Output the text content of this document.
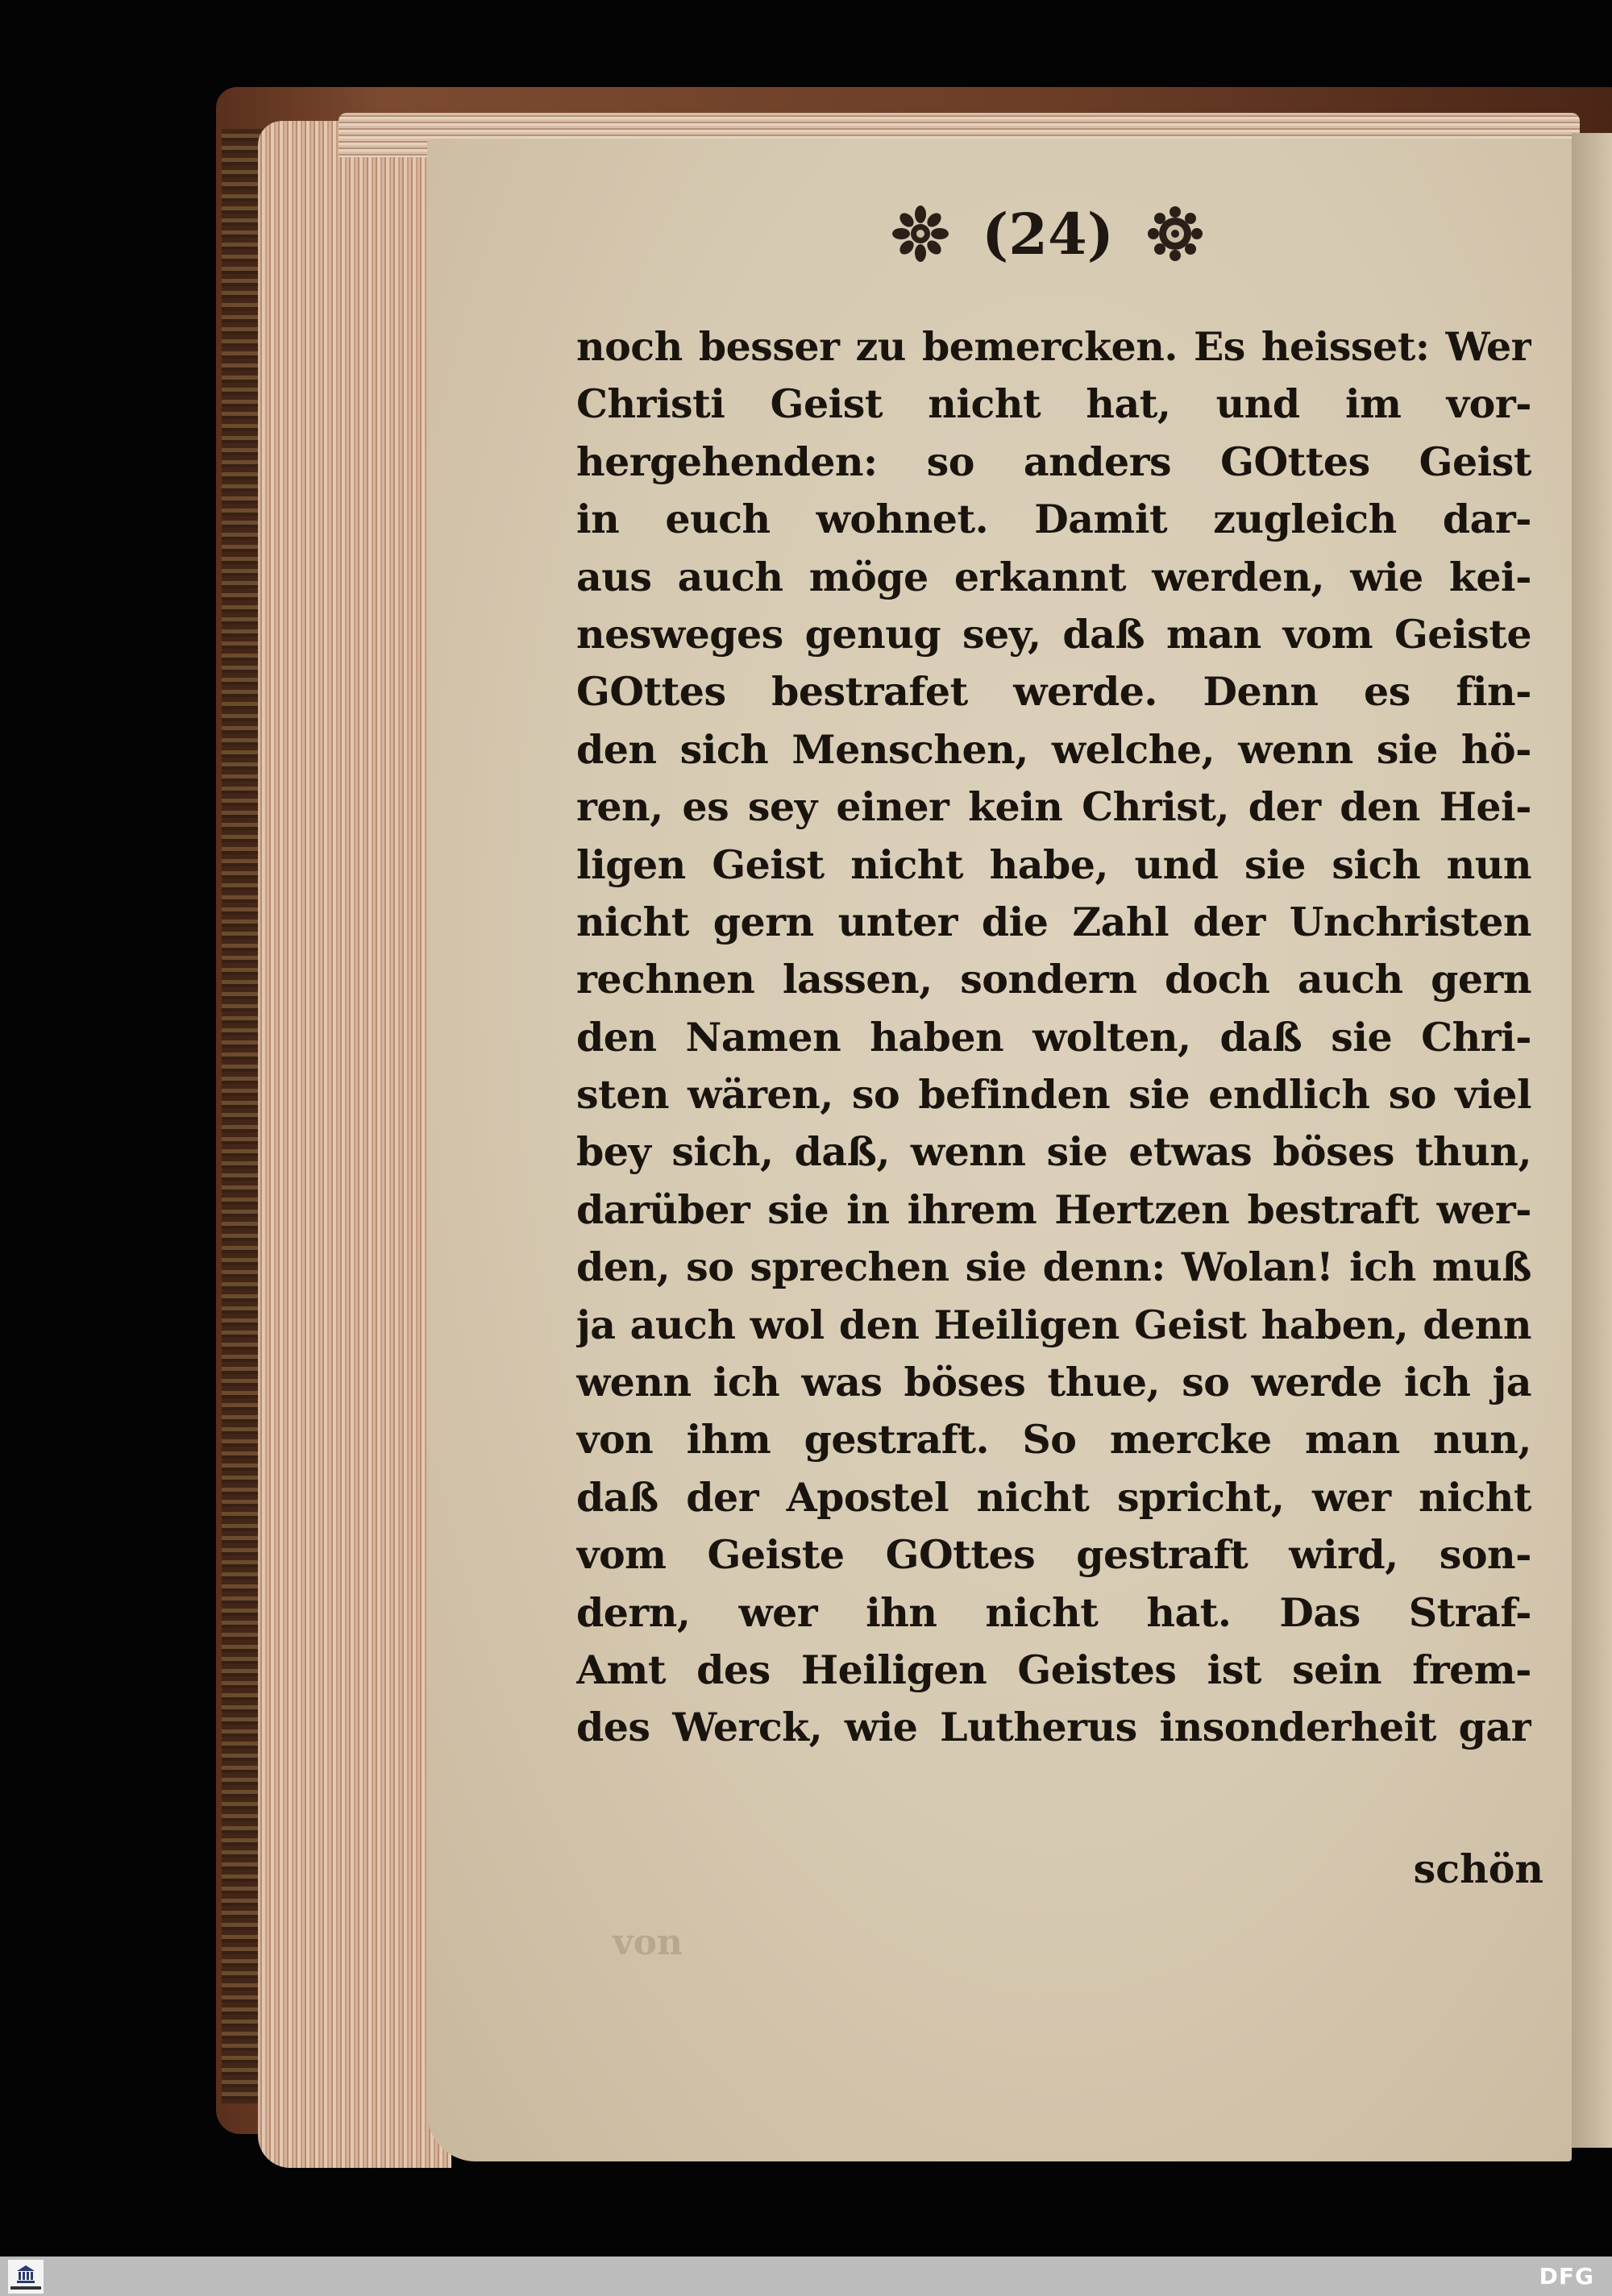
(24)
noch besser zu bemercken. Es heisset: Wer
Christi Geist nicht hat, und im vor-
hergehenden: so anders GOttes Geist
in euch wohnet. Damit zugleich dar-
aus auch möge erkannt werden, wie kei-
nesweges genug sey, daß man vom Geiste
GOttes bestrafet werde. Denn es fin-
den sich Menschen, welche, wenn sie hö-
ren, es sey einer kein Christ, der den Hei-
ligen Geist nicht habe, und sie sich nun
nicht gern unter die Zahl der Unchristen
rechnen lassen, sondern doch auch gern
den Namen haben wolten, daß sie Chri-
sten wären, so befinden sie endlich so viel
bey sich, daß, wenn sie etwas böses thun,
darüber sie in ihrem Hertzen bestraft wer-
den, so sprechen sie denn: Wolan! ich muß
ja auch wol den Heiligen Geist haben, denn
wenn ich was böses thue, so werde ich ja
von ihm gestraft. So mercke man nun,
daß der Apostel nicht spricht, wer nicht
vom Geiste GOttes gestraft wird, son-
dern, wer ihn nicht hat. Das Straf-
Amt des Heiligen Geistes ist sein frem-
des Werck, wie Lutherus insonderheit gar
schön
von
DFG
